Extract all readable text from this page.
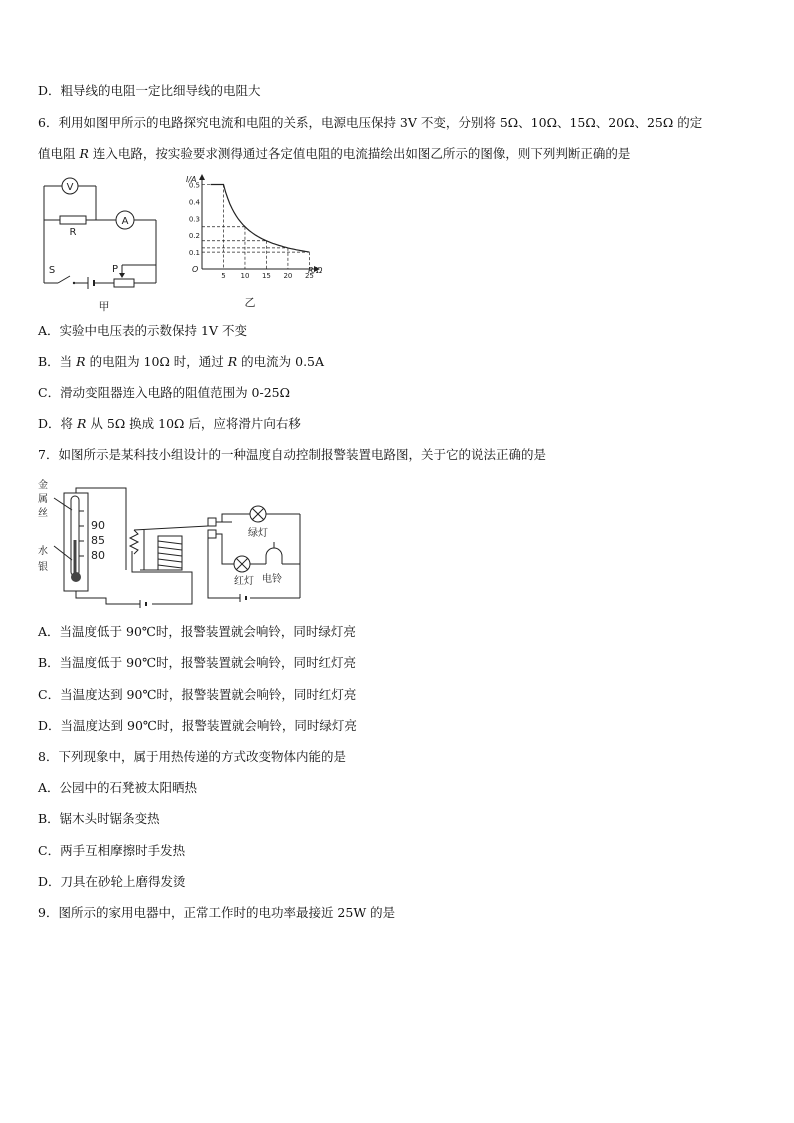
D．粗导线的电阻一定比细导线的电阻大
6．利用如图甲所示的电路探究电流和电阻的关系，电源电压保持 3V 不变，分别将 5Ω、10Ω、15Ω、20Ω、25Ω 的定
值电阻 R 连入电路，按实验要求测得通过各定值电阻的电流描绘出如图乙所示的图像，则下列判断正确的是
V
A
R
S	P
甲
0.5
0.4
0.3
0.2
0.1
5 10 15 20 25
I/A
R/Ω
O
乙
A．实验中电压表的示数保持 1V 不变
B．当 R 的电阻为 10Ω 时，通过 R 的电流为 0.5A
C．滑动变阻器连入电路的阻值范围为 0-25Ω
D．将 R 从 5Ω 换成 10Ω 后，应将滑片向右移
7．如图所示是某科技小组设计的一种温度自动控制报警装置电路图，关于它的说法正确的是
金
属
丝
水
银
90
85
80
绿灯
红灯 电铃
A．当温度低于 90℃时，报警装置就会响铃，同时绿灯亮
B．当温度低于 90℃时，报警装置就会响铃，同时红灯亮
C．当温度达到 90℃时，报警装置就会响铃，同时红灯亮
D．当温度达到 90℃时，报警装置就会响铃，同时绿灯亮
8．下列现象中，属于用热传递的方式改变物体内能的是
A．公园中的石凳被太阳晒热
B．锯木头时锯条变热
C．两手互相摩擦时手发热
D．刀具在砂轮上磨得发烫
9．图所示的家用电器中，正常工作时的电功率最接近 25W 的是
